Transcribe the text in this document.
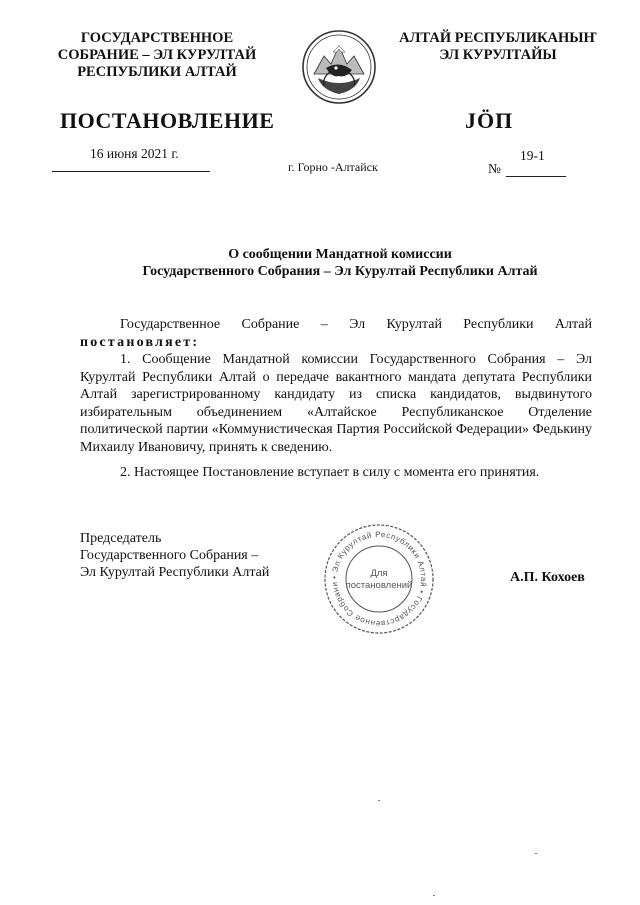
ГОСУДАРСТВЕННОЕ
СОБРАНИЕ – ЭЛ КУРУЛТАЙ
РЕСПУБЛИКИ АЛТАЙ
АЛТАЙ РЕСПУБЛИКАНЫҤ
ЭЛ КУРУЛТАЙЫ
ПОСТАНОВЛЕНИЕ	ЈӦП
16 июня 2021 г.
г. Горно -Алтайск
19-1
№
О сообщении Мандатной комиссии
Государственного Собрания – Эл Курултай Республики Алтай

Государственное Собрание – Эл Курултай Республики Алтай

постановляет:

1. Сообщение Мандатной комиссии Государственного Собрания – Эл Курултай Республики Алтай о передаче вакантного мандата депутата Республики Алтай зарегистрированному кандидату из списка кандидатов, выдвинутого избирательным объединением «Алтайское Республиканское Отделение политической партии «Коммунистическая Партия Российской Федерации» Федькину Михаилу Ивановичу, принять к сведению.

2. Настоящее Постановление вступает в силу с момента его принятия.

Председатель
Государственного Собрания –
Эл Курултай Республики Алтай	• Эл Курултай Республики Алтай • Государственное Собрани
Для
постановлений
А.П. Кохоев
